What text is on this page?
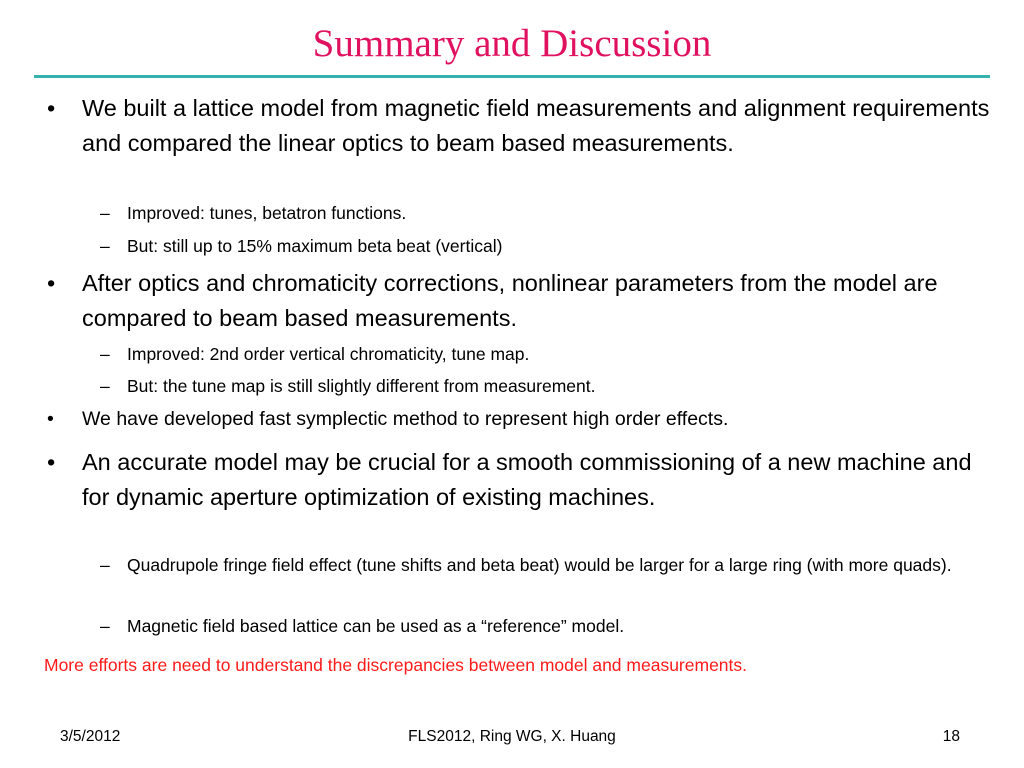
Summary and Discussion
• We built a lattice model from magnetic field measurements and alignment requirements and compared the linear optics to beam based measurements.
– Improved: tunes, betatron functions.
– But: still up to 15% maximum beta beat (vertical)
• After optics and chromaticity corrections, nonlinear parameters from the model are compared to beam based measurements.
– Improved: 2nd order vertical chromaticity, tune map.
– But: the tune map is still slightly different from measurement.
• We have developed fast symplectic method to represent high order effects.
• An accurate model may be crucial for a smooth commissioning of a new machine and for dynamic aperture optimization of existing machines.
– Quadrupole fringe field effect (tune shifts and beta beat) would be larger for a large ring (with more quads).
– Magnetic field based lattice can be used as a “reference” model.
More efforts are need to understand the discrepancies between model and measurements.
3/5/2012	FLS2012, Ring WG, X. Huang	18
